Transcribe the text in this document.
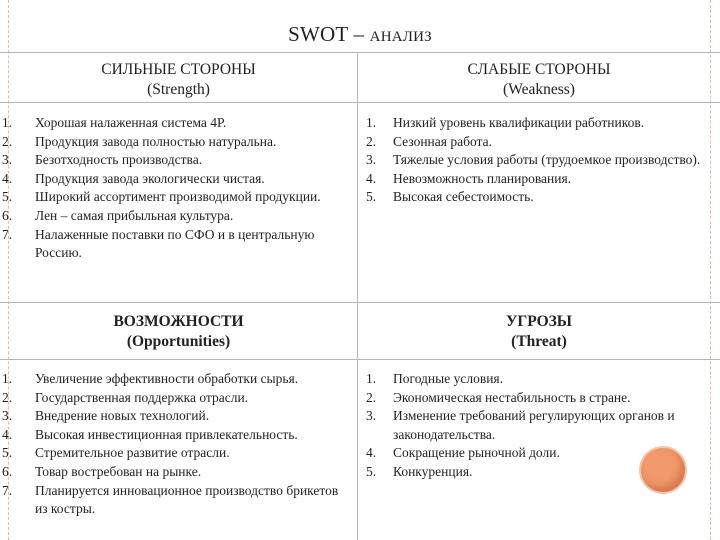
SWOT – АНАЛИЗ
СИЛЬНЫЕ СТОРОНЫ
(Strength)
1. Хорошая налаженная система 4Р.
2. Продукция завода полностью натуральна.
3. Безотходность производства.
4. Продукция завода экологически чистая.
5. Широкий ассортимент производимой продукции.
6. Лен – самая прибыльная культура.
7. Налаженные поставки по СФО и в центральную Россию.
СЛАБЫЕ СТОРОНЫ
(Weakness)
1. Низкий уровень квалификации работников.
2. Сезонная работа.
3. Тяжелые условия работы (трудоемкое производство).
4. Невозможность планирования.
5. Высокая себестоимость.
ВОЗМОЖНОСТИ
(Opportunities)
1. Увеличение эффективности обработки сырья.
2. Государственная поддержка отрасли.
3. Внедрение новых технологий.
4. Высокая инвестиционная привлекательность.
5. Стремительное развитие отрасли.
6. Товар востребован на рынке.
7. Планируется инновационное производство брикетов из костры.
УГРОЗЫ
(Threat)
1. Погодные условия.
2. Экономическая нестабильность в стране.
3. Изменение требований регулирующих органов и законодательства.
4. Сокращение рыночной доли.
5. Конкуренция.
